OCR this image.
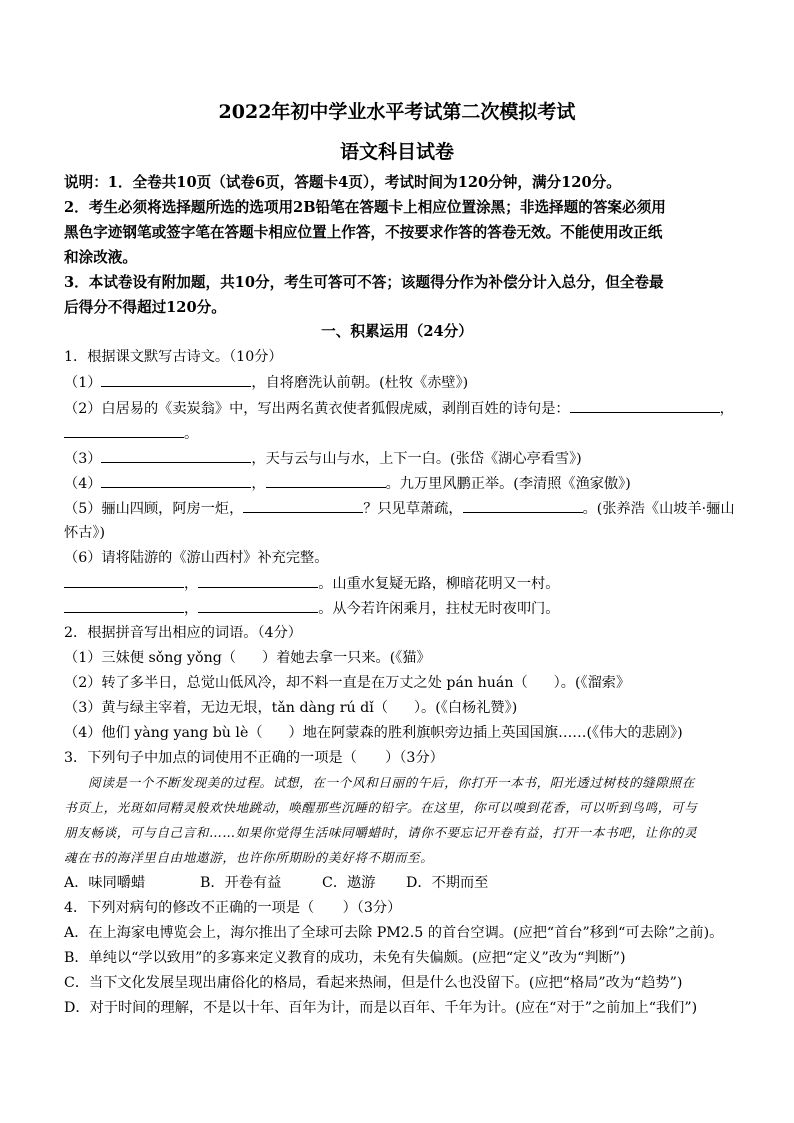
2022年初中学业水平考试第二次模拟考试
语文科目试卷
说明：1．全卷共10页（试卷6页，答题卡4页），考试时间为120分钟，满分120分。
2．考生必须将选择题所选的选项用2B铅笔在答题卡上相应位置涂黑；非选择题的答案必须用
黑色字迹钢笔或签字笔在答题卡相应位置上作答，不按要求作答的答卷无效。不能使用改正纸
和涂改液。
3．本试卷设有附加题，共10分，考生可答可不答；该题得分作为补偿分计入总分，但全卷最
后得分不得超过120分。
一、积累运用（24分）
1．根据课文默写古诗文。（10分）
（1）	，自将磨洗认前朝。(杜牧《赤壁》)
（2）白居易的《卖炭翁》中，写出两名黄衣使者狐假虎威，剥削百姓的诗句是：	，
。
（3）	，天与云与山与水，上下一白。(张岱《湖心亭看雪》)
（4）	，	。九万里风鹏正举。(李清照《渔家傲》)
（5）骊山四顾，阿房一炬，	？只见草萧疏，	。(张养浩《山坡羊·骊山
怀古》)
（6）请将陆游的《游山西村》补充完整。
，	。山重水复疑无路，柳暗花明又一村。
，	。从今若许闲乘月，拄杖无时夜叩门。
2．根据拼音写出相应的词语。（4分）
（1）三妹便 sǒng yǒng（ ）着她去拿一只来。(《猫》
（2）转了多半日，总觉山低风冷，却不料一直是在万丈之处 pán huán（ ）。(《溜索》
（3）黄与绿主宰着，无边无垠，tǎn dàng rú dǐ（ ）。(《白杨礼赞》)
（4）他们 yàng yang bù lè（ ）地在阿蒙森的胜利旗帜旁边插上英国国旗……(《伟大的悲剧》)
3．下列句子中加点的词使用不正确的一项是（　　）（3分）
阅读是一个不断发现美的过程。试想，在一个风和日丽的午后，你打开一本书，阳光透过树枝的缝隙照在
书页上，光斑如同精灵般欢快地跳动，唤醒那些沉睡的铅字。在这里，你可以嗅到花香，可以听到鸟鸣，可与
朋友畅谈，可与自己言和……如果你觉得生活味同嚼蜡时，请你不要忘记开卷有益，打开一本书吧，让你的灵
魂在书的海洋里自由地遨游，也许你所期盼的美好将不期而至。
A．味同嚼蜡	B．开卷有益	C．遨游 D．不期而至
4．下列对病句的修改不正确的一项是（　　）（3分）
A．在上海家电博览会上，海尔推出了全球可去除 PM2.5 的首台空调。(应把“首台”移到“可去除”之前)。
B．单纯以“学以致用”的多寡来定义教育的成功，未免有失偏颇。(应把“定义”改为“判断”)
C．当下文化发展呈现出庸俗化的格局，看起来热闹，但是什么也没留下。(应把“格局”改为“趋势”)
D．对于时间的理解，不是以十年、百年为计，而是以百年、千年为计。(应在“对于”之前加上“我们”)
